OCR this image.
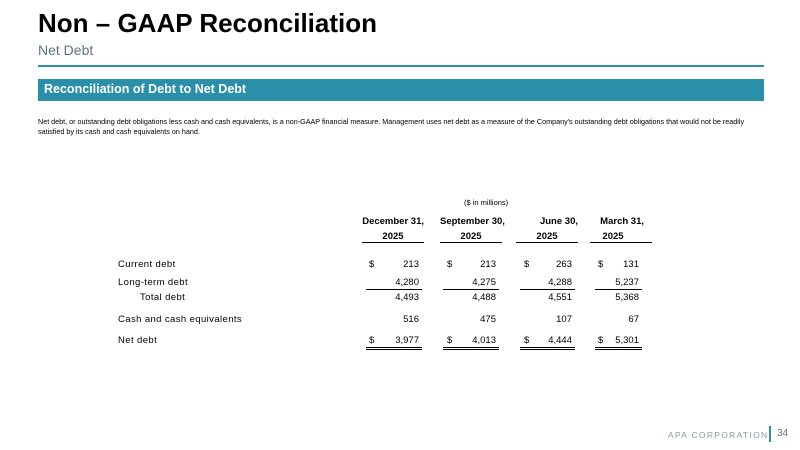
Non – GAAP Reconciliation
Net Debt
Reconciliation of Debt to Net Debt
Net debt, or outstanding debt obligations less cash and cash equivalents, is a non-GAAP financial measure. Management uses net debt as a measure of the Company's outstanding debt obligations that would not be readily satisfied by its cash and cash equivalents on hand.
($ in millions)
December 31,
2025
September 30,
2025
June 30,
2025
March 31,
2025
Current debt	$	213	$	213	$	263	$	131
Long-term debt	4,280	4,275	4,288	5,237
Total debt	4,493	4,488	4,551	5,368
Cash and cash equivalents	516	475	107	67
Net debt	$	3,977	$	4,013	$	4,444	$	5,301
APA CORPORATION 34
